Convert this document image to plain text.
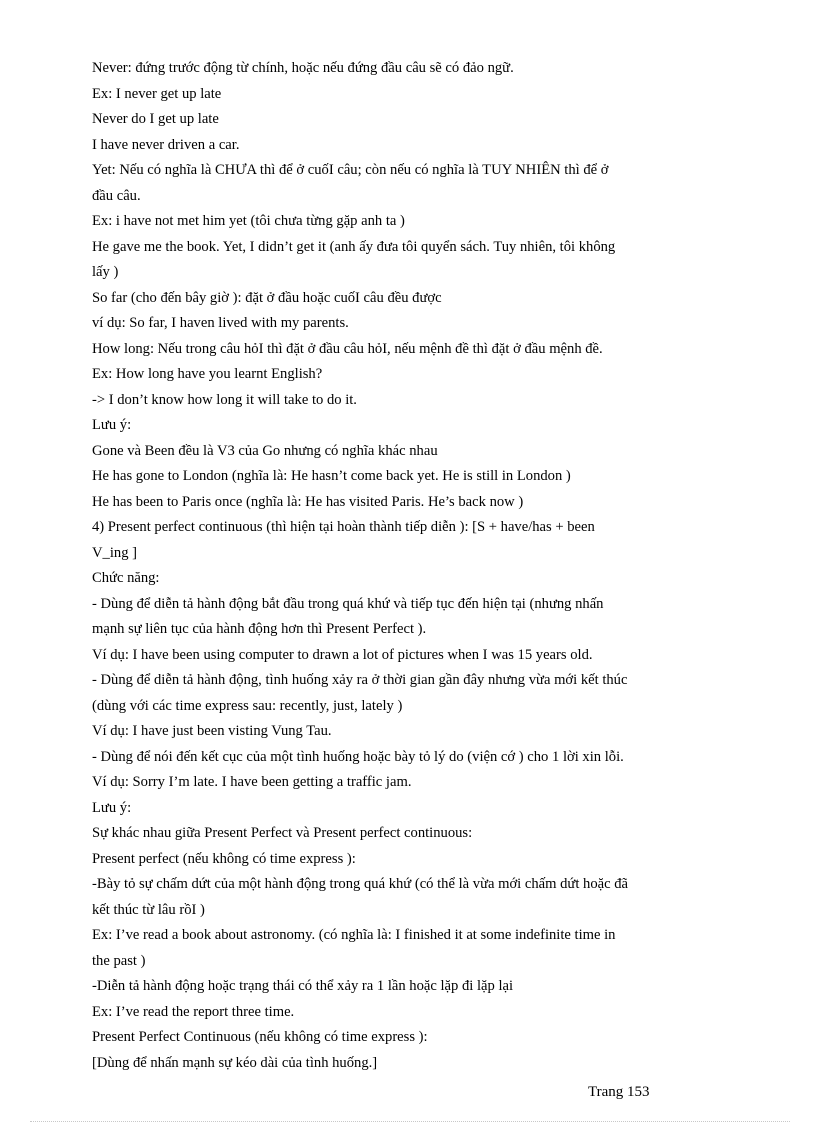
Never: đứng trước động từ chính, hoặc nếu đứng đầu câu sẽ có đảo ngữ.
Ex: I never get up late
Never do I get up late
I have never driven a car.
Yet: Nếu có nghĩa là CHƯA thì để ở cuốI câu; còn nếu có nghĩa là TUY NHIÊN thì để ở
đầu câu.
Ex: i have not met him yet (tôi chưa từng gặp anh ta )
He gave me the book. Yet, I didn’t get it (anh ấy đưa tôi quyển sách. Tuy nhiên, tôi không
lấy )
So far (cho đến bây giờ ): đặt ở đầu hoặc cuốI câu đều được
ví dụ: So far, I haven lived with my parents.
How long: Nếu trong câu hỏI thì đặt ở đầu câu hỏI, nếu mệnh đề thì đặt ở đầu mệnh đề.
Ex: How long have you learnt English?
-> I don’t know how long it will take to do it.
Lưu ý:
Gone và Been đều là V3 của Go nhưng có nghĩa khác nhau
He has gone to London (nghĩa là: He hasn’t come back yet. He is still in London )
He has been to Paris once (nghĩa là: He has visited Paris. He’s back now )
4) Present perfect continuous (thì hiện tại hoàn thành tiếp diễn ): [S + have/has + been
V_ing ]
Chức năng:
- Dùng để diễn tả hành động bắt đầu trong quá khứ và tiếp tục đến hiện tại (nhưng nhấn
mạnh sự liên tục của hành động hơn thì Present Perfect ).
Ví dụ: I have been using computer to drawn a lot of pictures when I was 15 years old.
- Dùng để diễn tả hành động, tình huống xảy ra ở thời gian gần đây nhưng vừa mới kết thúc
(dùng với các time express sau: recently, just, lately )
Ví dụ: I have just been visting Vung Tau.
- Dùng để nói đến kết cục của một tình huống hoặc bày tỏ lý do (viện cớ ) cho 1 lời xin lỗi.
Ví dụ: Sorry I’m late. I have been getting a traffic jam.
Lưu ý:
Sự khác nhau giữa Present Perfect và Present perfect continuous:
Present perfect (nếu không có time express ):
-Bày tỏ sự chấm dứt của một hành động trong quá khứ (có thể là vừa mới chấm dứt hoặc đã
kết thúc từ lâu rồI )
Ex: I’ve read a book about astronomy. (có nghĩa là: I finished it at some indefinite time in
the past )
-Diễn tả hành động hoặc trạng thái có thể xảy ra 1 lần hoặc lặp đi lặp lại
Ex: I’ve read the report three time.
Present Perfect Continuous (nếu không có time express ):
[Dùng để nhấn mạnh sự kéo dài của tình huống.]
Trang 153
